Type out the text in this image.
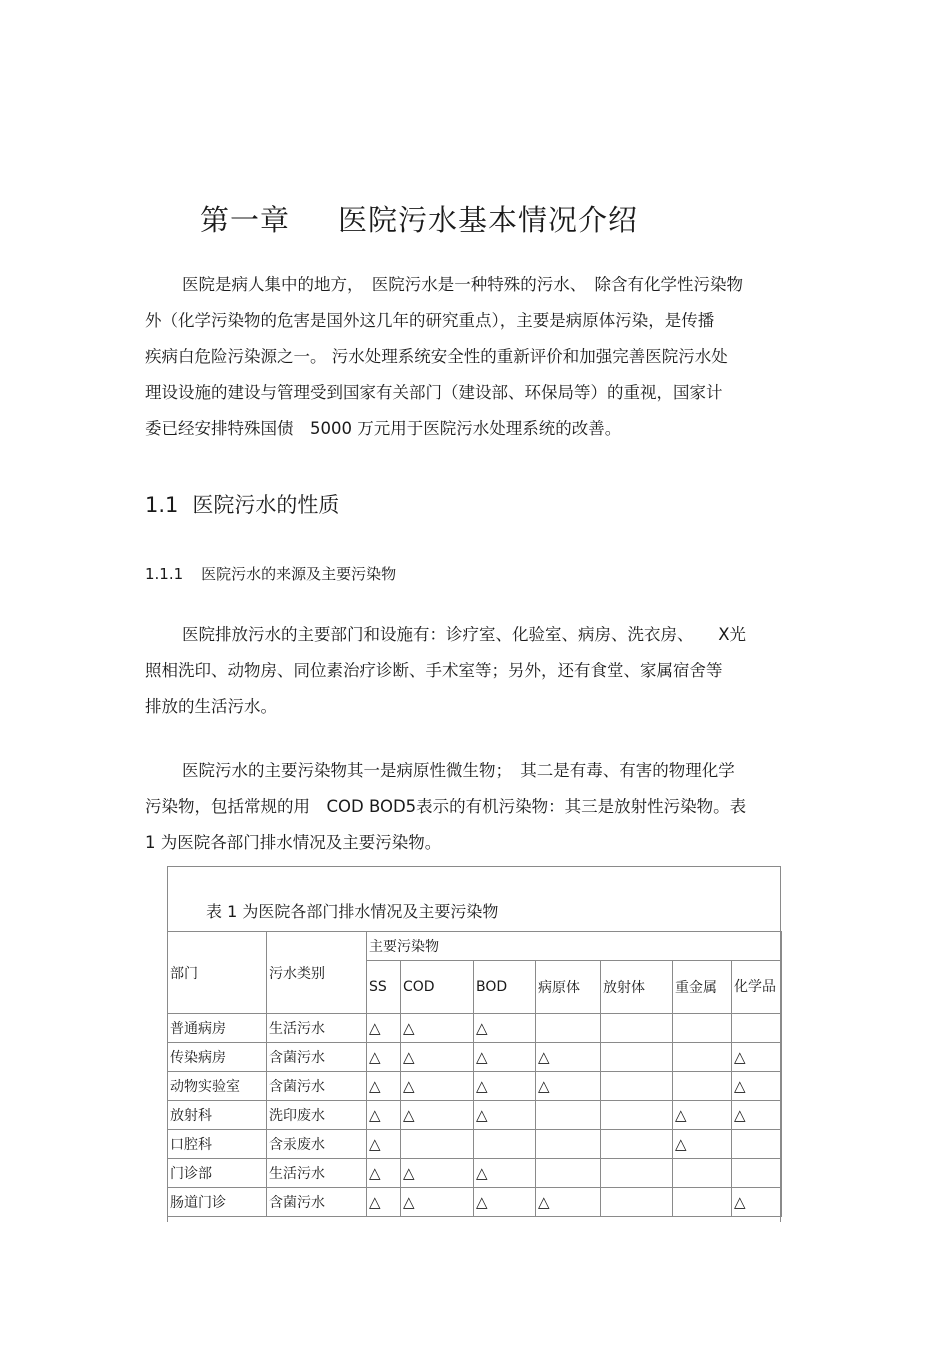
第一章 医院污水基本情况介绍
医院是病人集中的地方，　医院污水是一种特殊的污水、　除含有化学性污染物
外（化学污染物的危害是国外这几年的研究重点），主要是病原体污染，是传播
疾病白危险污染源之一。 污水处理系统安全性的重新评价和加强完善医院污水处
理设设施的建设与管理受到国家有关部门（建设部、环保局等）的重视，国家计
委已经安排特殊国债　5000 万元用于医院污水处理系统的改善。
1.1 医院污水的性质
1.1.1 医院污水的来源及主要污染物
医院排放污水的主要部门和设施有：诊疗室、化验室、病房、洗衣房、　　X光
照相洗印、动物房、同位素治疗诊断、手术室等；另外，还有食堂、家属宿舍等
排放的生活污水。
医院污水的主要污染物其一是病原性微生物；　其二是有毒、有害的物理化学
污染物，包括常规的用　COD BOD5表示的有机污染物：其三是放射性污染物。表
1 为医院各部门排水情况及主要污染物。
表 1 为医院各部门排水情况及主要污染物
部门	污水类别	主要污染物						
		SS	COD	BOD	病原体	放射体	重金属	化学品
普通病房	生活污水	△	△	△				
传染病房	含菌污水	△	△	△	△			△
动物实验室	含菌污水	△	△	△	△			△
放射科	洗印废水	△	△	△			△	△
口腔科	含汞废水	△					△	
门诊部	生活污水	△	△	△				
肠道门诊	含菌污水	△	△	△	△			△
